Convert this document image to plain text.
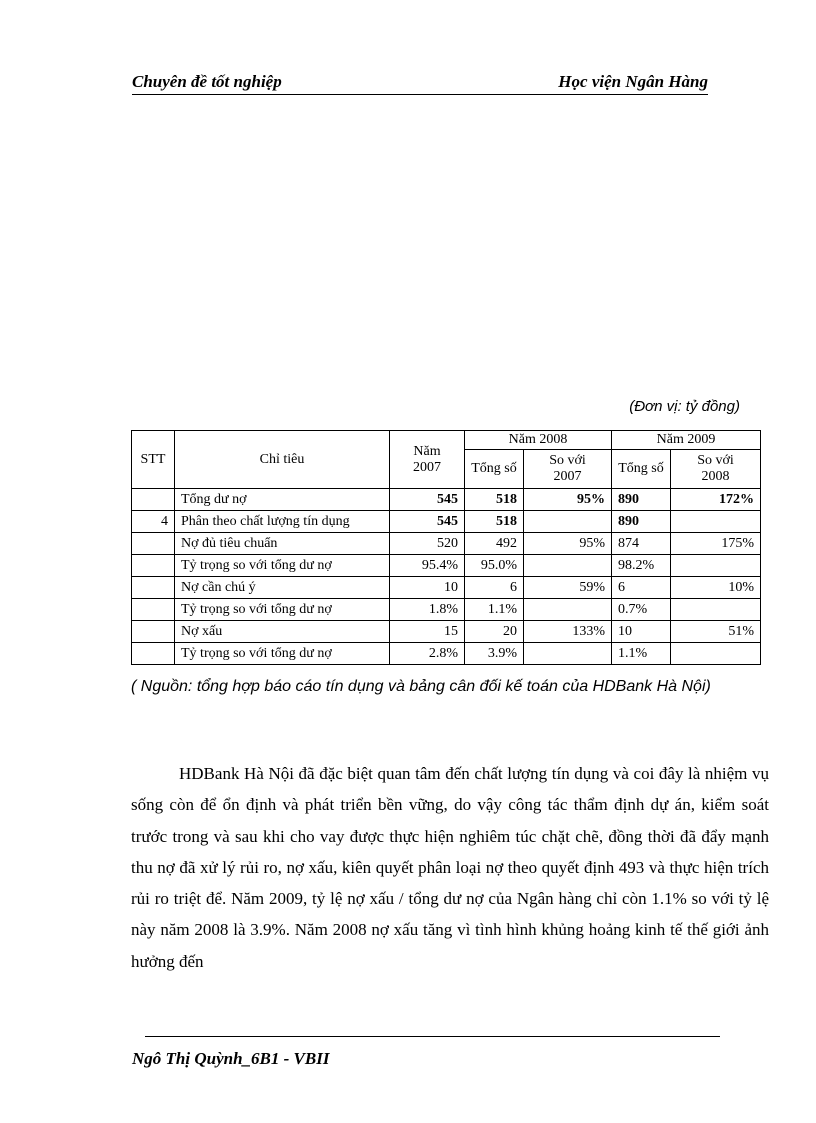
Chuyên đề tốt nghiệp	Học viện Ngân Hàng
(Đơn vị: tỷ đồng)
STT	Chỉ tiêu	Năm 2007	Năm 2008		Năm 2009	
			Tổng số	So với 2007	Tổng số	So với 2008
	Tổng dư nợ	545	518	95%	890	172%
4	Phân theo chất lượng tín dụng	545	518		890	
	Nợ đủ tiêu chuẩn	520	492	95%	874	175%
	Tỷ trọng so với tổng dư nợ	95.4%	95.0%		98.2%	
	Nợ cần chú ý	10	6	59%	6	10%
	Tỷ trọng so với tổng dư nợ	1.8%	1.1%		0.7%	
	Nợ xấu	15	20	133%	10	51%
	Tỷ trọng so với tổng dư nợ	2.8%	3.9%		1.1%	
( Nguồn: tổng hợp báo cáo tín dụng và bảng cân đối kế toán của HDBank Hà Nội)
HDBank Hà Nội đã đặc biệt quan tâm đến chất lượng tín dụng và coi đây là nhiệm vụ sống còn để ổn định và phát triển bền vững, do vậy công tác thẩm định dự án, kiểm soát trước trong và sau khi cho vay được thực hiện nghiêm túc chặt chẽ, đồng thời đã đẩy mạnh thu nợ đã xử lý rủi ro, nợ xấu, kiên quyết phân loại nợ theo quyết định 493 và thực hiện trích rủi ro triệt để. Năm 2009, tỷ lệ nợ xấu / tổng dư nợ của Ngân hàng chỉ còn 1.1% so với tỷ lệ này năm 2008 là 3.9%. Năm 2008 nợ xấu tăng vì tình hình khủng hoảng kinh tế thế giới ảnh hưởng đến
Ngô Thị Quỳnh_6B1 - VBII
